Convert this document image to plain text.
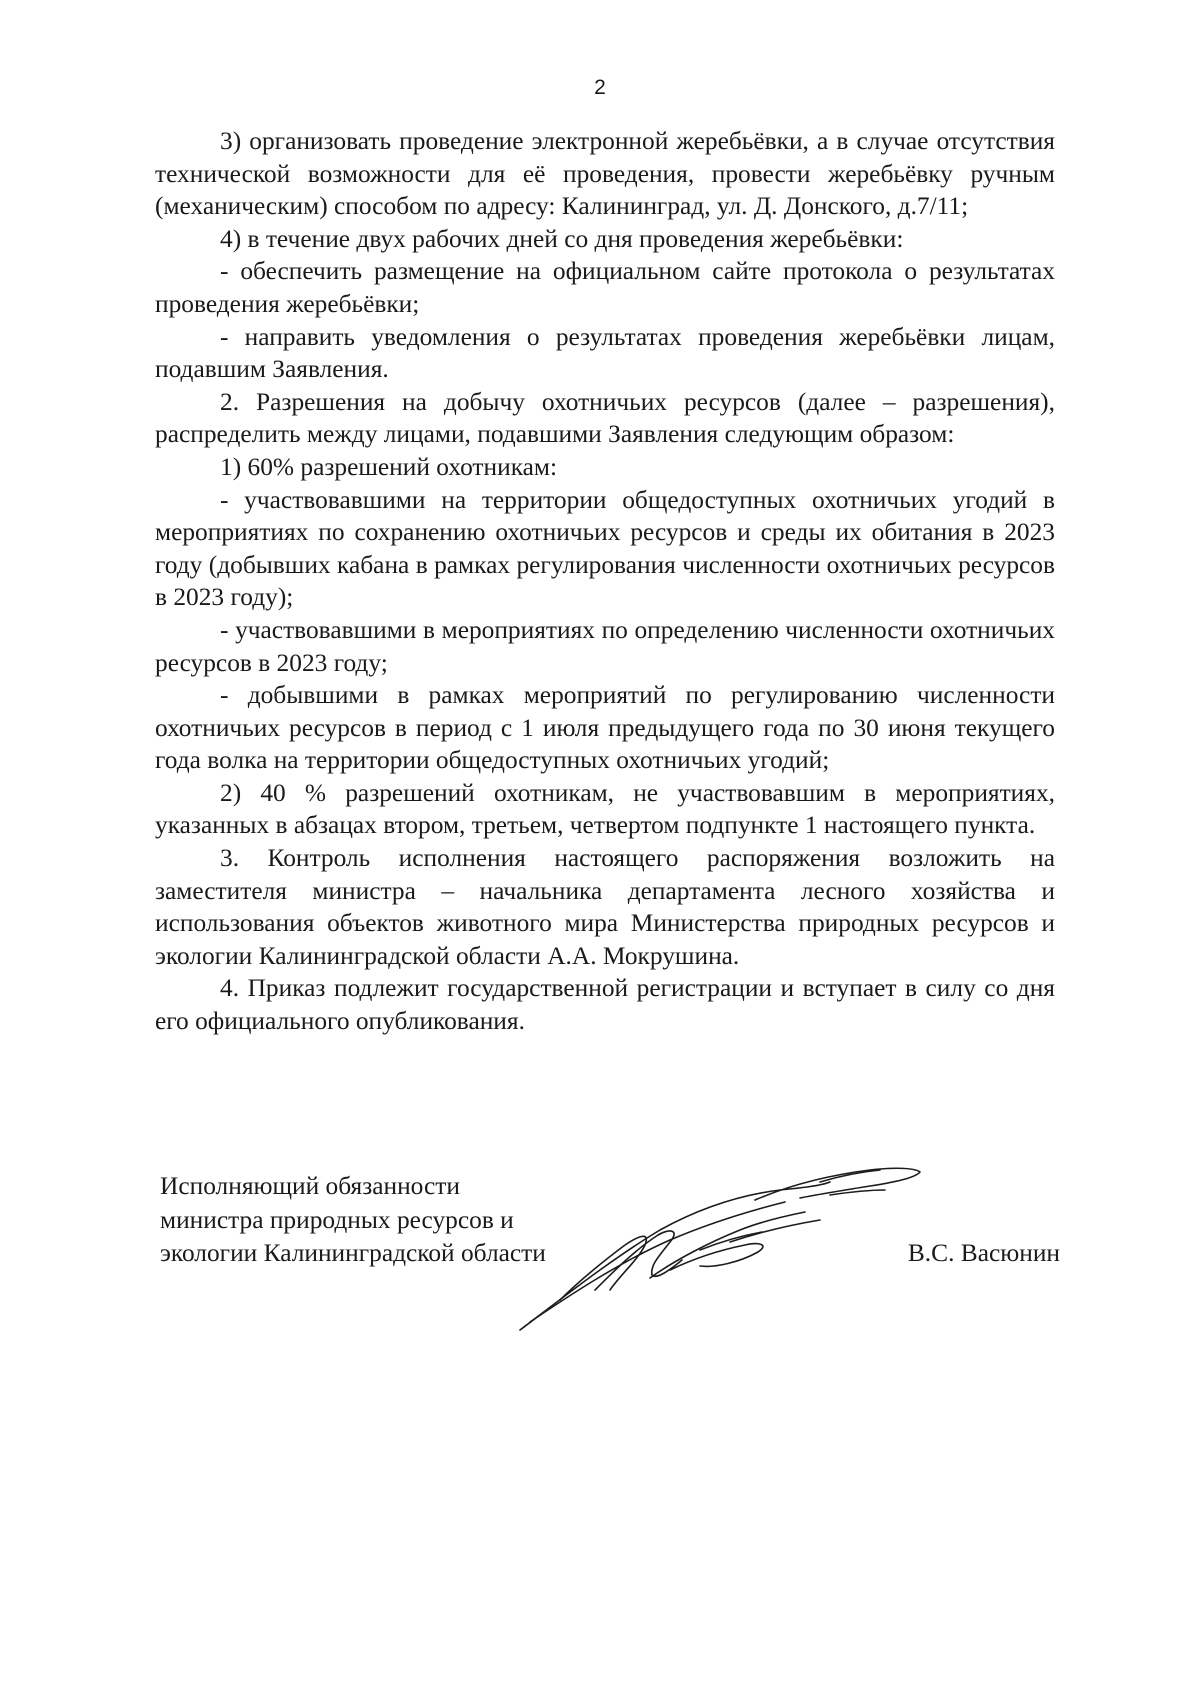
2

3) организовать проведение электронной жеребьёвки, а в случае отсутствия технической возможности для её проведения, провести жеребьёвку ручным (механическим) способом по адресу: Калининград, ул. Д. Донского, д.7/11;

4) в течение двух рабочих дней со дня проведения жеребьёвки:

- обеспечить размещение на официальном сайте протокола о результатах проведения жеребьёвки;

- направить уведомления о результатах проведения жеребьёвки лицам, подавшим Заявления.

2. Разрешения на добычу охотничьих ресурсов (далее – разрешения), распределить между лицами, подавшими Заявления следующим образом:

1) 60% разрешений охотникам:

- участвовавшими на территории общедоступных охотничьих угодий в мероприятиях по сохранению охотничьих ресурсов и среды их обитания в 2023 году (добывших кабана в рамках регулирования численности охотничьих ресурсов в 2023 году);

- участвовавшими в мероприятиях по определению численности охотничьих ресурсов в 2023 году;

- добывшими в рамках мероприятий по регулированию численности охотничьих ресурсов в период с 1 июля предыдущего года по 30 июня текущего года волка на территории общедоступных охотничьих угодий;

2) 40 % разрешений охотникам, не участвовавшим в мероприятиях, указанных в абзацах втором, третьем, четвертом подпункте 1 настоящего пункта.

3. Контроль исполнения настоящего распоряжения возложить на заместителя министра – начальника департамента лесного хозяйства и использования объектов животного мира Министерства природных ресурсов и экологии Калининградской области А.А. Мокрушина.

4. Приказ подлежит государственной регистрации и вступает в силу со дня его официального опубликования.

Исполняющий обязанности
министра природных ресурсов и
экологии Калининградской области	В.С. Васюнин
